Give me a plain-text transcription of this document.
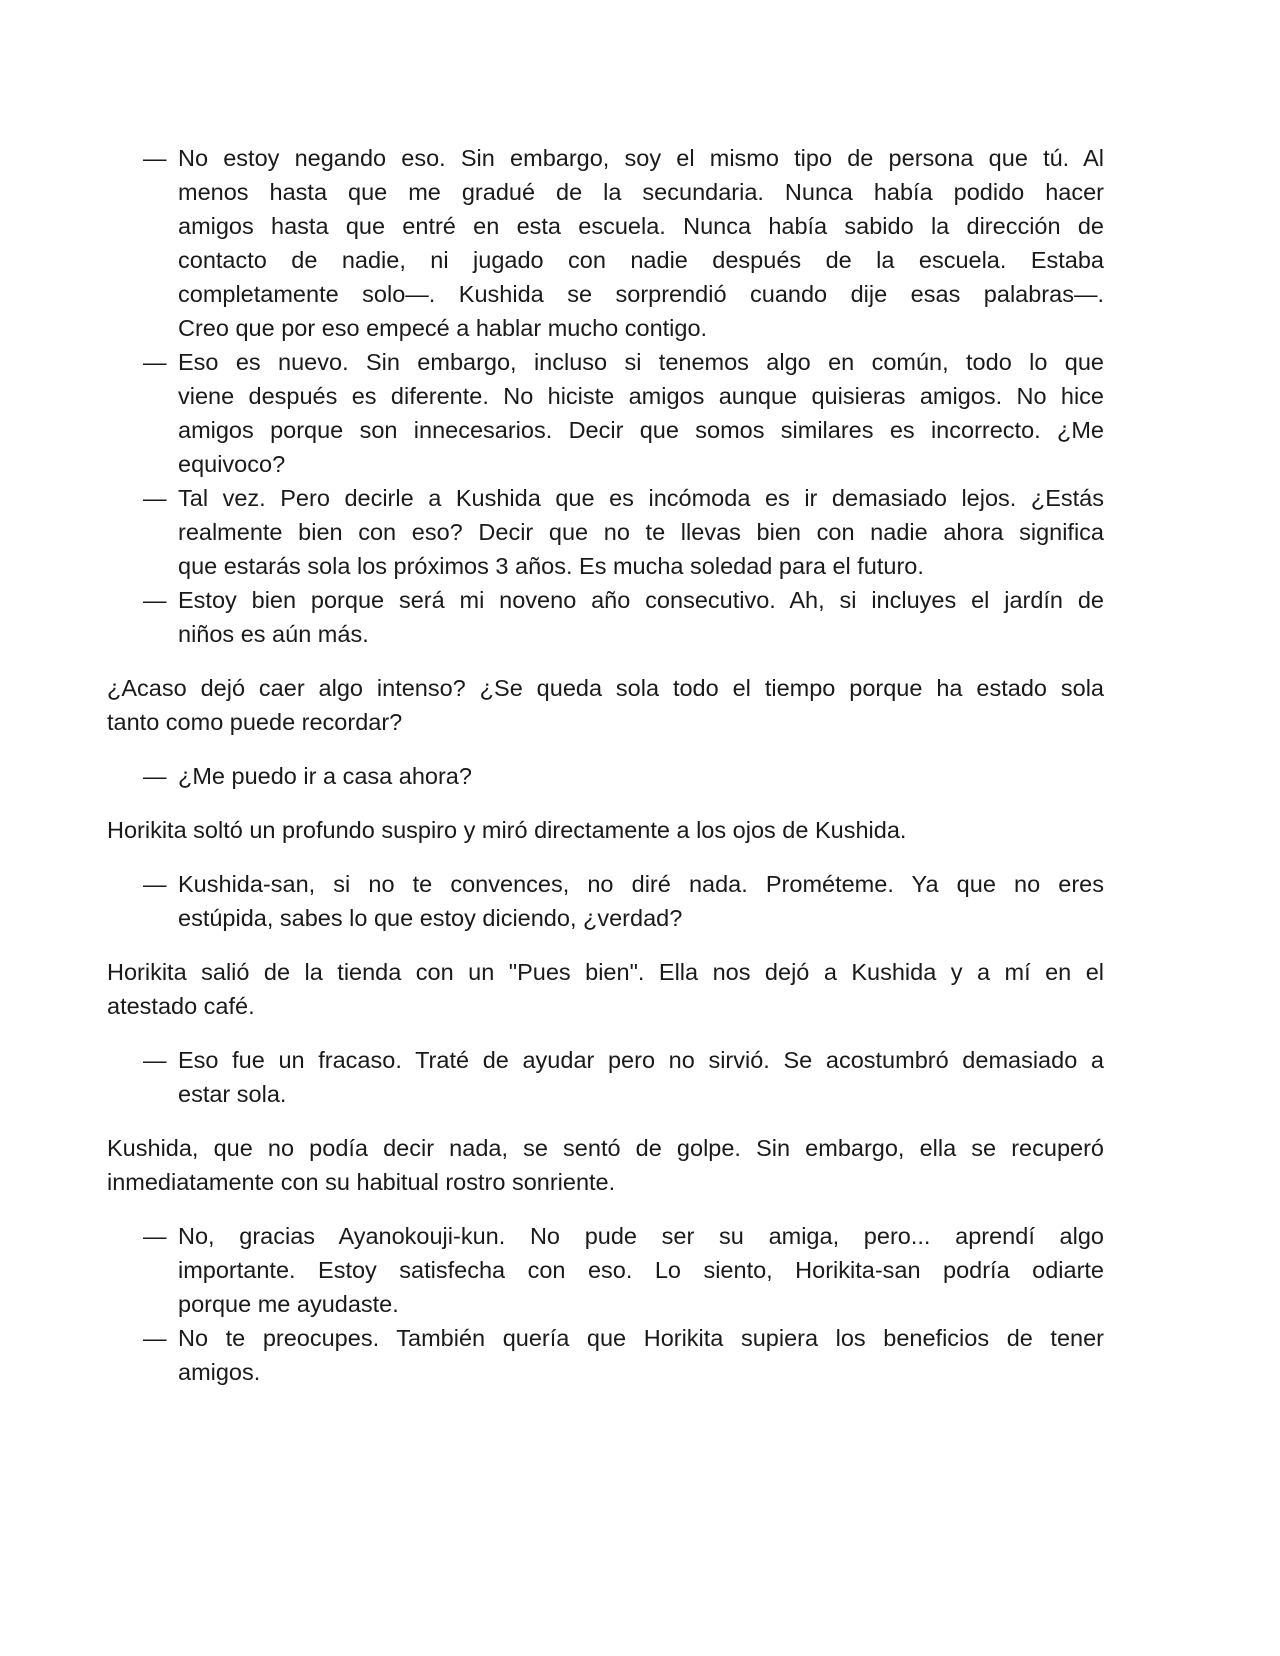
— No estoy negando eso. Sin embargo, soy el mismo tipo de persona que tú. Al
menos hasta que me gradué de la secundaria. Nunca había podido hacer
amigos hasta que entré en esta escuela. Nunca había sabido la dirección de
contacto de nadie, ni jugado con nadie después de la escuela. Estaba
completamente solo—. Kushida se sorprendió cuando dije esas palabras—.
Creo que por eso empecé a hablar mucho contigo.
— Eso es nuevo. Sin embargo, incluso si tenemos algo en común, todo lo que
viene después es diferente. No hiciste amigos aunque quisieras amigos. No hice
amigos porque son innecesarios. Decir que somos similares es incorrecto. ¿Me
equivoco?
— Tal vez. Pero decirle a Kushida que es incómoda es ir demasiado lejos. ¿Estás
realmente bien con eso? Decir que no te llevas bien con nadie ahora significa
que estarás sola los próximos 3 años. Es mucha soledad para el futuro.
— Estoy bien porque será mi noveno año consecutivo. Ah, si incluyes el jardín de
niños es aún más.
¿Acaso dejó caer algo intenso? ¿Se queda sola todo el tiempo porque ha estado sola
tanto como puede recordar?
— ¿Me puedo ir a casa ahora?
Horikita soltó un profundo suspiro y miró directamente a los ojos de Kushida.
— Kushida-san, si no te convences, no diré nada. Prométeme. Ya que no eres
estúpida, sabes lo que estoy diciendo, ¿verdad?
Horikita salió de la tienda con un "Pues bien". Ella nos dejó a Kushida y a mí en el
atestado café.
— Eso fue un fracaso. Traté de ayudar pero no sirvió. Se acostumbró demasiado a
estar sola.
Kushida, que no podía decir nada, se sentó de golpe. Sin embargo, ella se recuperó
inmediatamente con su habitual rostro sonriente.
— No, gracias Ayanokouji-kun. No pude ser su amiga, pero... aprendí algo
importante. Estoy satisfecha con eso. Lo siento, Horikita-san podría odiarte
porque me ayudaste.
— No te preocupes. También quería que Horikita supiera los beneficios de tener
amigos.
